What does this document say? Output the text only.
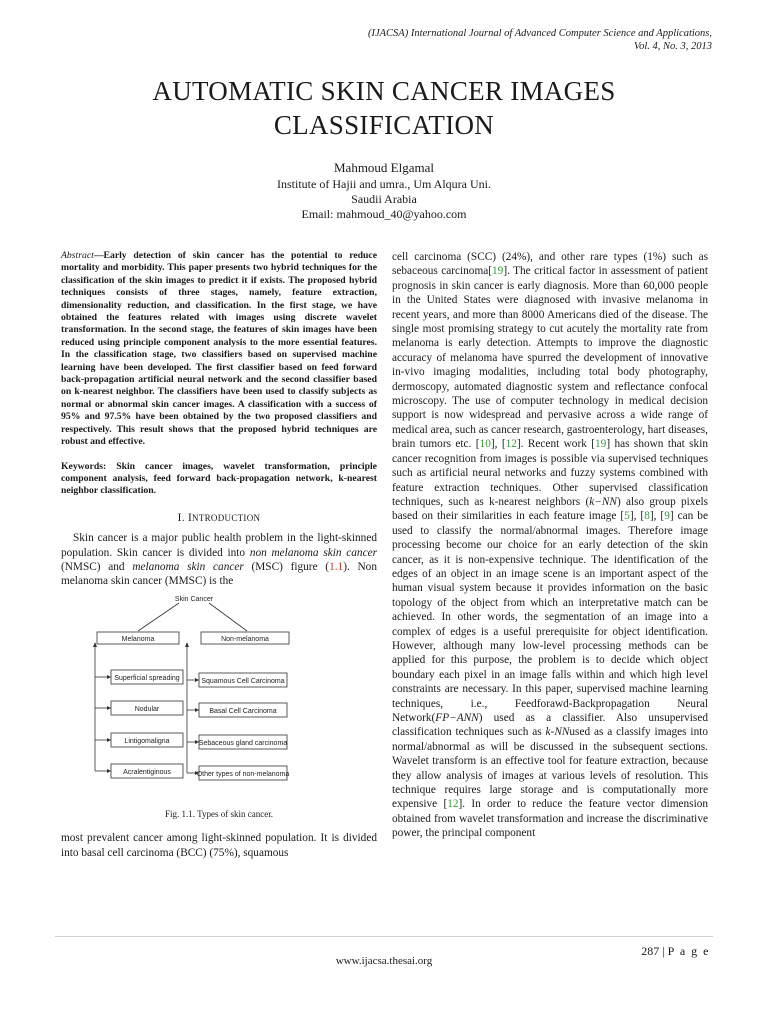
(IJACSA) International Journal of Advanced Computer Science and Applications,
Vol. 4, No. 3, 2013
AUTOMATIC SKIN CANCER IMAGES
CLASSIFICATION
Mahmoud Elgamal
Institute of Hajii and umra., Um Alqura Uni.
Saudii Arabia
Email: mahmoud_40@yahoo.com
Abstract—Early detection of skin cancer has the potential to reduce mortality and morbidity. This paper presents two hybrid techniques for the classification of the skin images to predict it if exists. The proposed hybrid techniques consists of three stages, namely, feature extraction, dimensionality reduction, and classification. In the first stage, we have obtained the features related with images using discrete wavelet transformation. In the second stage, the features of skin images have been reduced using principle component analysis to the more essential features. In the classification stage, two classifiers based on supervised machine learning have been developed. The first classifier based on feed forward back-propagation artificial neural network and the second classifier based on k-nearest neighbor. The classifiers have been used to classify subjects as normal or abnormal skin cancer images. A classification with a success of 95% and 97.5% have been obtained by the two proposed classifiers and respectively. This result shows that the proposed hybrid techniques are robust and effective.
Keywords: Skin cancer images, wavelet transformation, principle component analysis, feed forward back-propagation network, k-nearest neighbor classification.
I. INTRODUCTION

Skin cancer is a major public health problem in the light-skinned population. Skin cancer is divided into non melanoma skin cancer (NMSC) and melanoma skin cancer (MSC) figure (1.1). Non melanoma skin cancer (MMSC) is the

Skin Cancer
Melanoma	Non-melanoma
Superficial spreading
Nodular
Lintigomaligna
Acralentiginous
Squamous Cell Carcinoma
Basal Cell Carcinoma
Sebaceous gland carcinoma
Other types of non-melanoma
Fig. 1.1. Types of skin cancer.

most prevalent cancer among light-skinned population. It is divided into basal cell carcinoma (BCC) (75%), squamous

cell carcinoma (SCC) (24%), and other rare types (1%) such as sebaceous carcinoma[19]. The critical factor in assessment of patient prognosis in skin cancer is early diagnosis. More than 60,000 people in the United States were diagnosed with invasive melanoma in recent years, and more than 8000 Americans died of the disease. The single most promising strategy to cut acutely the mortality rate from melanoma is early detection. Attempts to improve the diagnostic accuracy of melanoma have spurred the development of innovative in-vivo imaging modalities, including total body photography, dermoscopy, automated diagnostic system and reflectance confocal microscopy. The use of computer technology in medical decision support is now widespread and pervasive across a wide range of medical area, such as cancer research, gastroenterology, hart diseases, brain tumors etc. [10], [12]. Recent work [19] has shown that skin cancer recognition from images is possible via supervised techniques such as artificial neural networks and fuzzy systems combined with feature extraction techniques. Other supervised classification techniques, such as k-nearest neighbors (k−NN) also group pixels based on their similarities in each feature image [5], [8], [9] can be used to classify the normal/abnormal images. Therefore image processing become our choice for an early detection of the skin cancer, as it is non-expensive technique. The identification of the edges of an object in an image scene is an important aspect of the human visual system because it provides information on the basic topology of the object from which an interpretative match can be achieved. In other words, the segmentation of an image into a complex of edges is a useful prerequisite for object identification. However, although many low-level processing methods can be applied for this purpose, the problem is to decide which object boundary each pixel in an image falls within and which high level constraints are necessary. In this paper, supervised machine learning techniques, i.e., Feedforawd-Backpropagation Neural Network(FP−ANN) used as a classifier. Also unsupervised classification techniques such as k-NNused as a classify images into normal/abnormal as will be discussed in the subsequent sections. Wavelet transform is an effective tool for feature extraction, because they allow analysis of images at various levels of resolution. This technique requires large storage and is computationally more expensive [12]. In order to reduce the feature vector dimension obtained from wavelet transformation and increase the discriminative power, the principal component

287 | P a g e
www.ijacsa.thesai.org
